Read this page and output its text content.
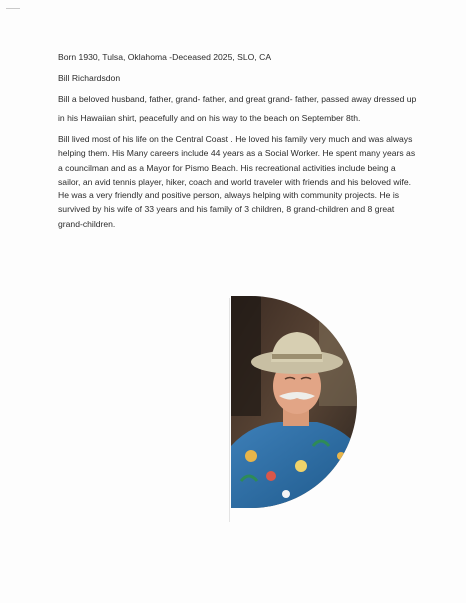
Born 1930, Tulsa, Oklahoma -Deceased 2025, SLO, CA
Bill Richardsdon
Bill a beloved husband, father, grand- father, and great grand- father, passed away dressed up
in his Hawaiian shirt, peacefully and on his way to the beach on September 8th.
Bill lived most of his life on the Central Coast . He loved his family very much and was always helping them. His Many careers include 44 years as a Social Worker. He spent many years as a councilman and as a Mayor for Pismo Beach. His recreational activities include being a sailor, an avid tennis player, hiker, coach and world traveler with friends and his beloved wife.
He was a very friendly and positive person, always helping with community projects. He is survived by his wife of 33 years and his family of 3 children, 8 grand-children and 8 great grand-children.
